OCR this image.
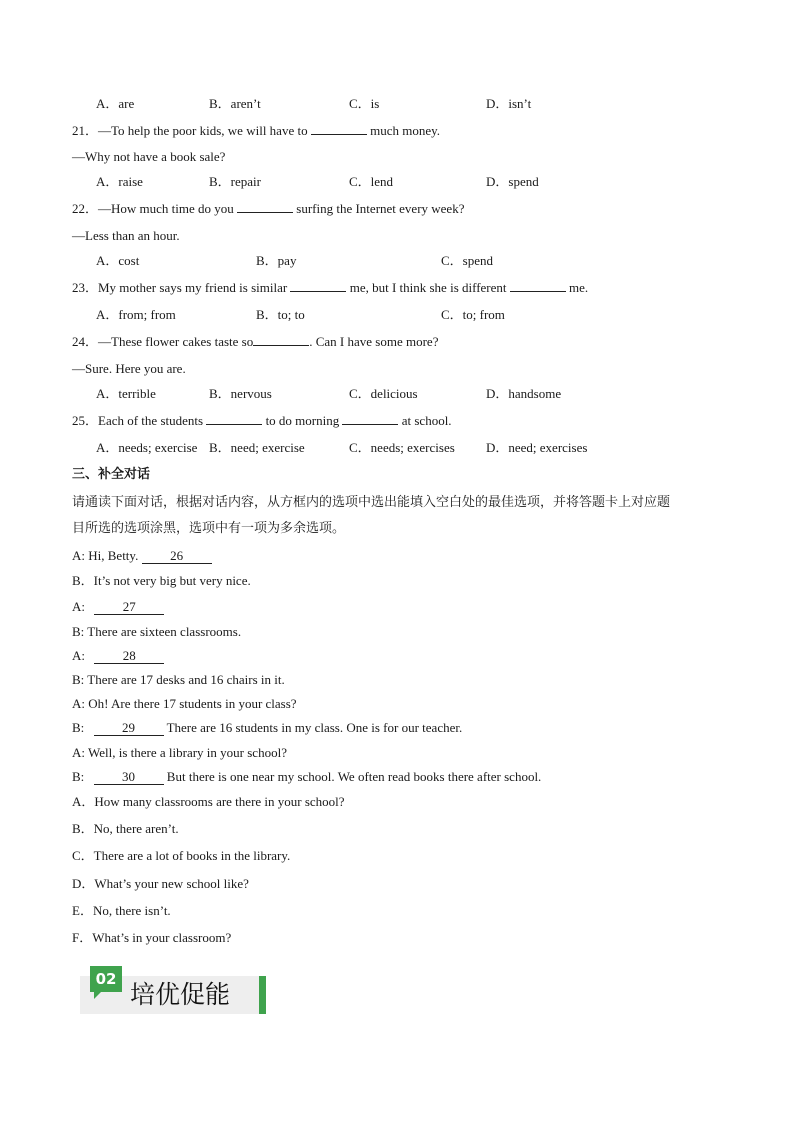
A．are	B．aren’t	C．is	D．isn’t
21．—To help the poor kids, we will have to	much money.
—Why not have a book sale?
A．raise	B．repair	C．lend	D．spend
22．—How much time do you	surfing the Internet every week?
—Less than an hour.
A．cost	B．pay	C．spend
23．My mother says my friend is similar	me, but I think she is different	me.
A．from; from	B．to; to	C．to; from
24．—These flower cakes taste so	. Can I have some more?
—Sure. Here you are.
A．terrible	B．nervous	C．delicious	D．handsome
25．Each of the students	to do morning	at school.
A．needs; exercise B．need; exercise	C．needs; exercises D．need; exercises
三、补全对话
请通读下面对话，根据对话内容，从方框内的选项中选出能填入空白处的最佳选项，并将答题卡上对应题
目所选的选项涂黑，选项中有一项为多余选项。
A: Hi, Betty. 26
B．It’s not very big but very nice.
A:	27
B: There are sixteen classrooms.
A:	28
B: There are 17 desks and 16 chairs in it.
A: Oh! Are there 17 students in your class?
B:	29 There are 16 students in my class. One is for our teacher.
A: Well, is there a library in your school?
B:	30 But there is one near my school. We often read books there after school.
A．How many classrooms are there in your school?
B．No, there aren’t.
C．There are a lot of books in the library.
D．What’s your new school like?
E．No, there isn’t.
F．What’s in your classroom?
02
培优促能
